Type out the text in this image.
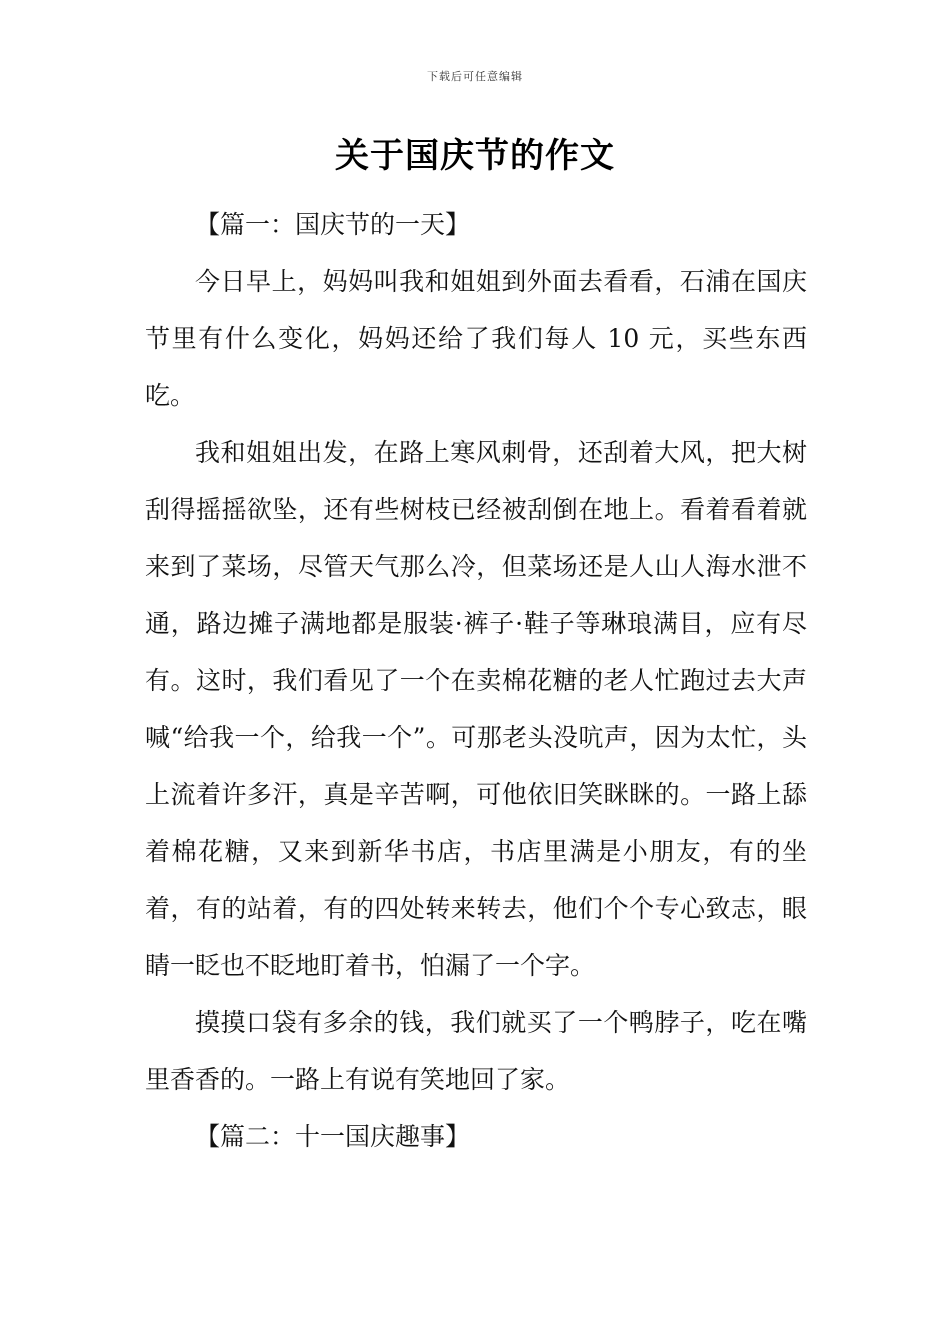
下载后可任意编辑
关于国庆节的作文

【篇一：国庆节的一天】

今日早上，妈妈叫我和姐姐到外面去看看，石浦在国庆节里有什么变化，妈妈还给了我们每人 10 元，买些东西吃。

我和姐姐出发，在路上寒风刺骨，还刮着大风，把大树刮得摇摇欲坠，还有些树枝已经被刮倒在地上。看着看着就来到了菜场，尽管天气那么冷，但菜场还是人山人海水泄不通，路边摊子满地都是服装·裤子·鞋子等琳琅满目，应有尽有。这时，我们看见了一个在卖棉花糖的老人忙跑过去大声喊“给我一个，给我一个”。可那老头没吭声，因为太忙，头上流着许多汗，真是辛苦啊，可他依旧笑眯眯的。一路上舔着棉花糖，又来到新华书店，书店里满是小朋友，有的坐着，有的站着，有的四处转来转去，他们个个专心致志，眼睛一眨也不眨地盯着书，怕漏了一个字。

摸摸口袋有多余的钱，我们就买了一个鸭脖子，吃在嘴里香香的。一路上有说有笑地回了家。

【篇二：十一国庆趣事】
